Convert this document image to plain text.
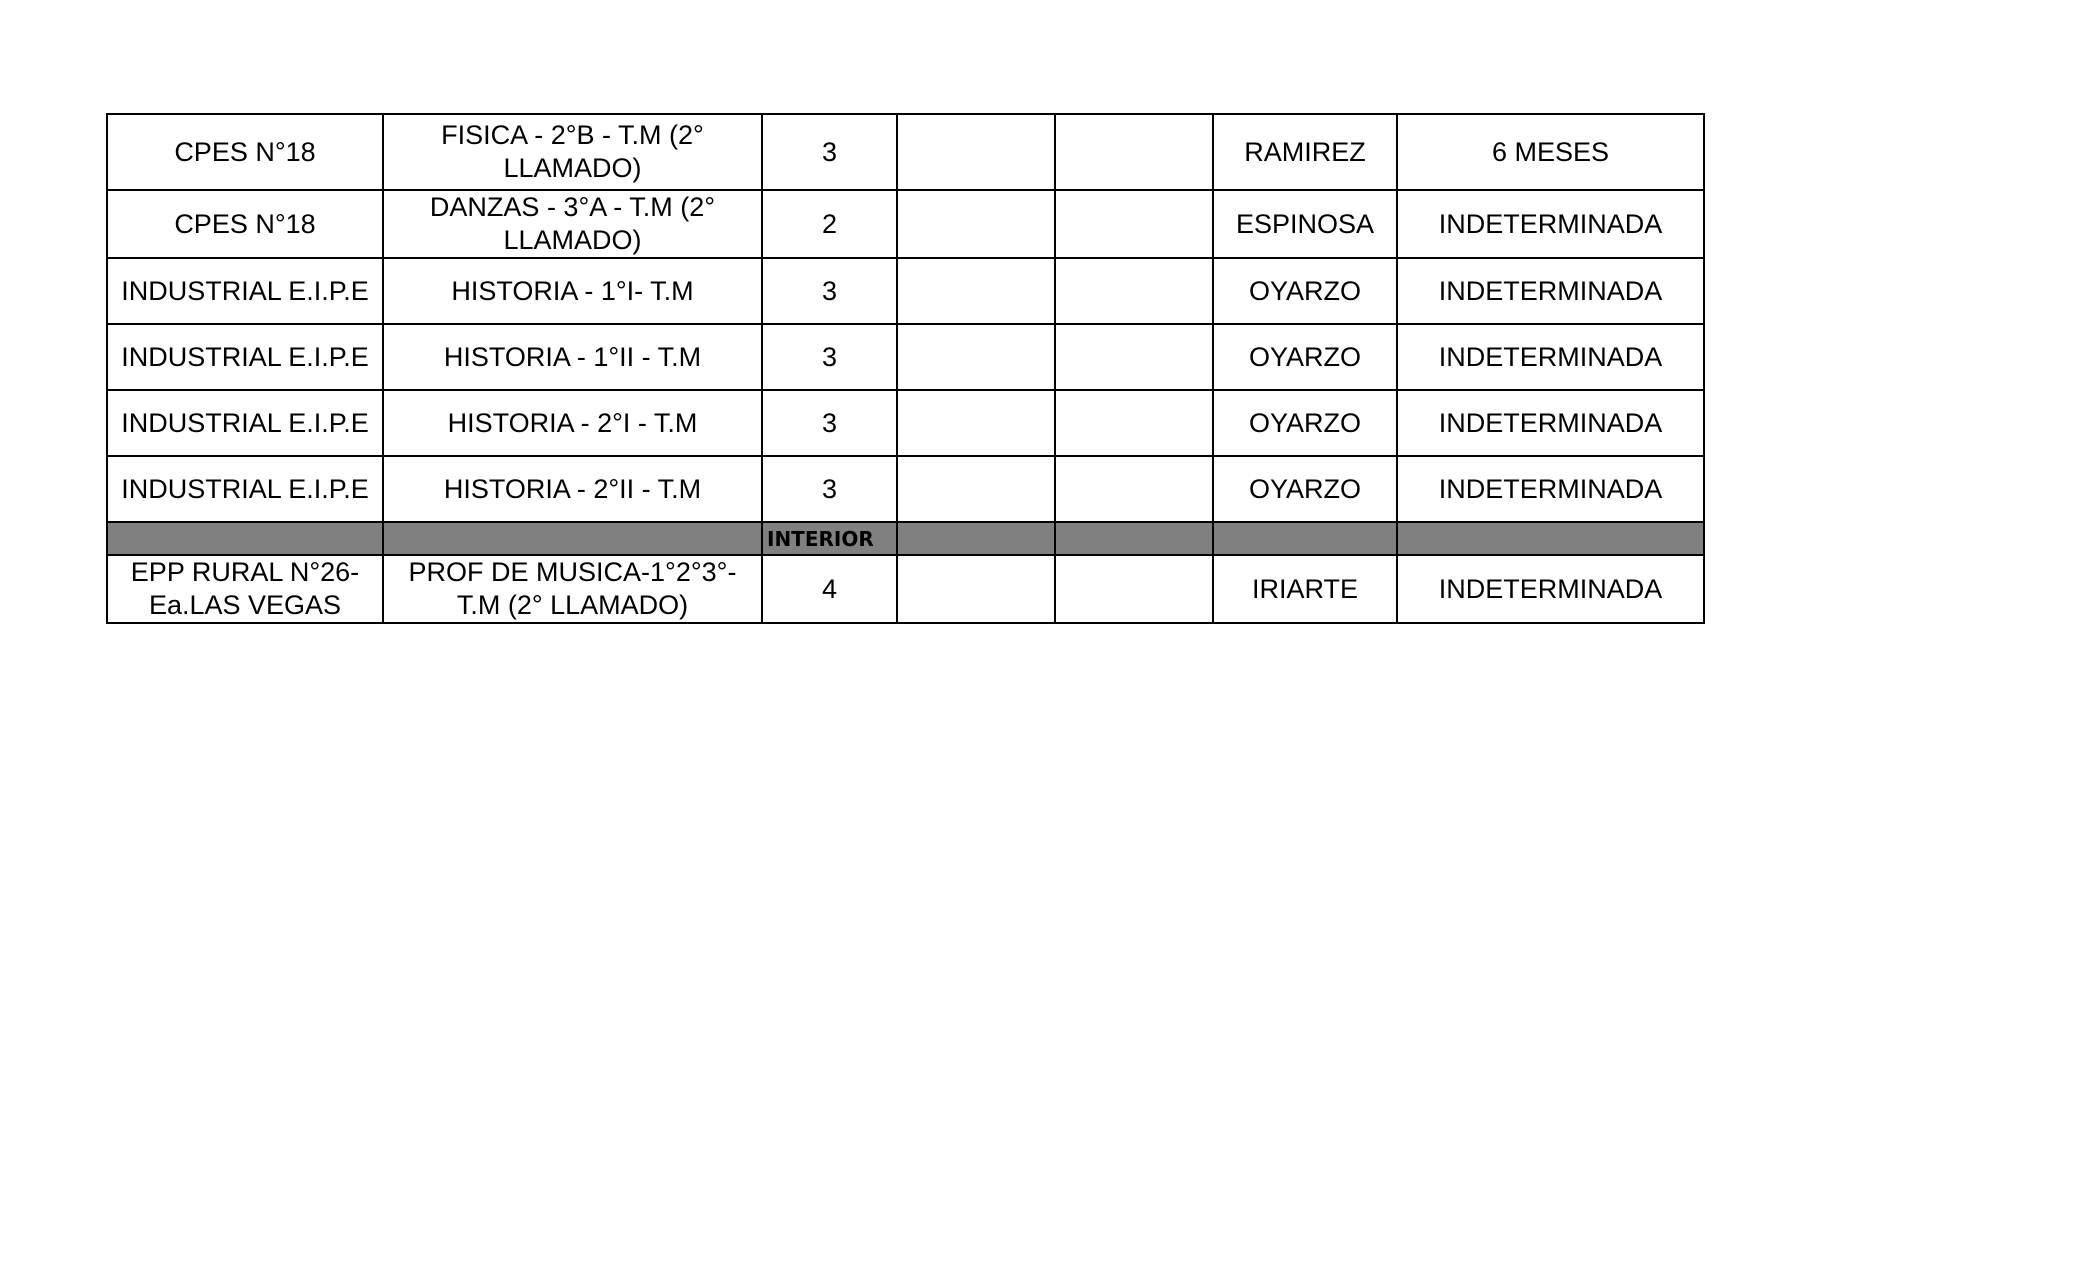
CPES N°18	FISICA - 2°B - T.M (2° LLAMADO)	3			RAMIREZ	6 MESES
CPES N°18	DANZAS - 3°A - T.M (2° LLAMADO)	2			ESPINOSA	INDETERMINADA
INDUSTRIAL E.I.P.E	HISTORIA - 1°I- T.M	3			OYARZO	INDETERMINADA
INDUSTRIAL E.I.P.E	HISTORIA - 1°II - T.M	3			OYARZO	INDETERMINADA
INDUSTRIAL E.I.P.E	HISTORIA - 2°I - T.M	3			OYARZO	INDETERMINADA
INDUSTRIAL E.I.P.E	HISTORIA - 2°II - T.M	3			OYARZO	INDETERMINADA

		INTERIOR				

EPP RURAL N°26- Ea.LAS VEGAS	PROF DE MUSICA-1°2°3°- T.M (2° LLAMADO)	4			IRIARTE	INDETERMINADA
